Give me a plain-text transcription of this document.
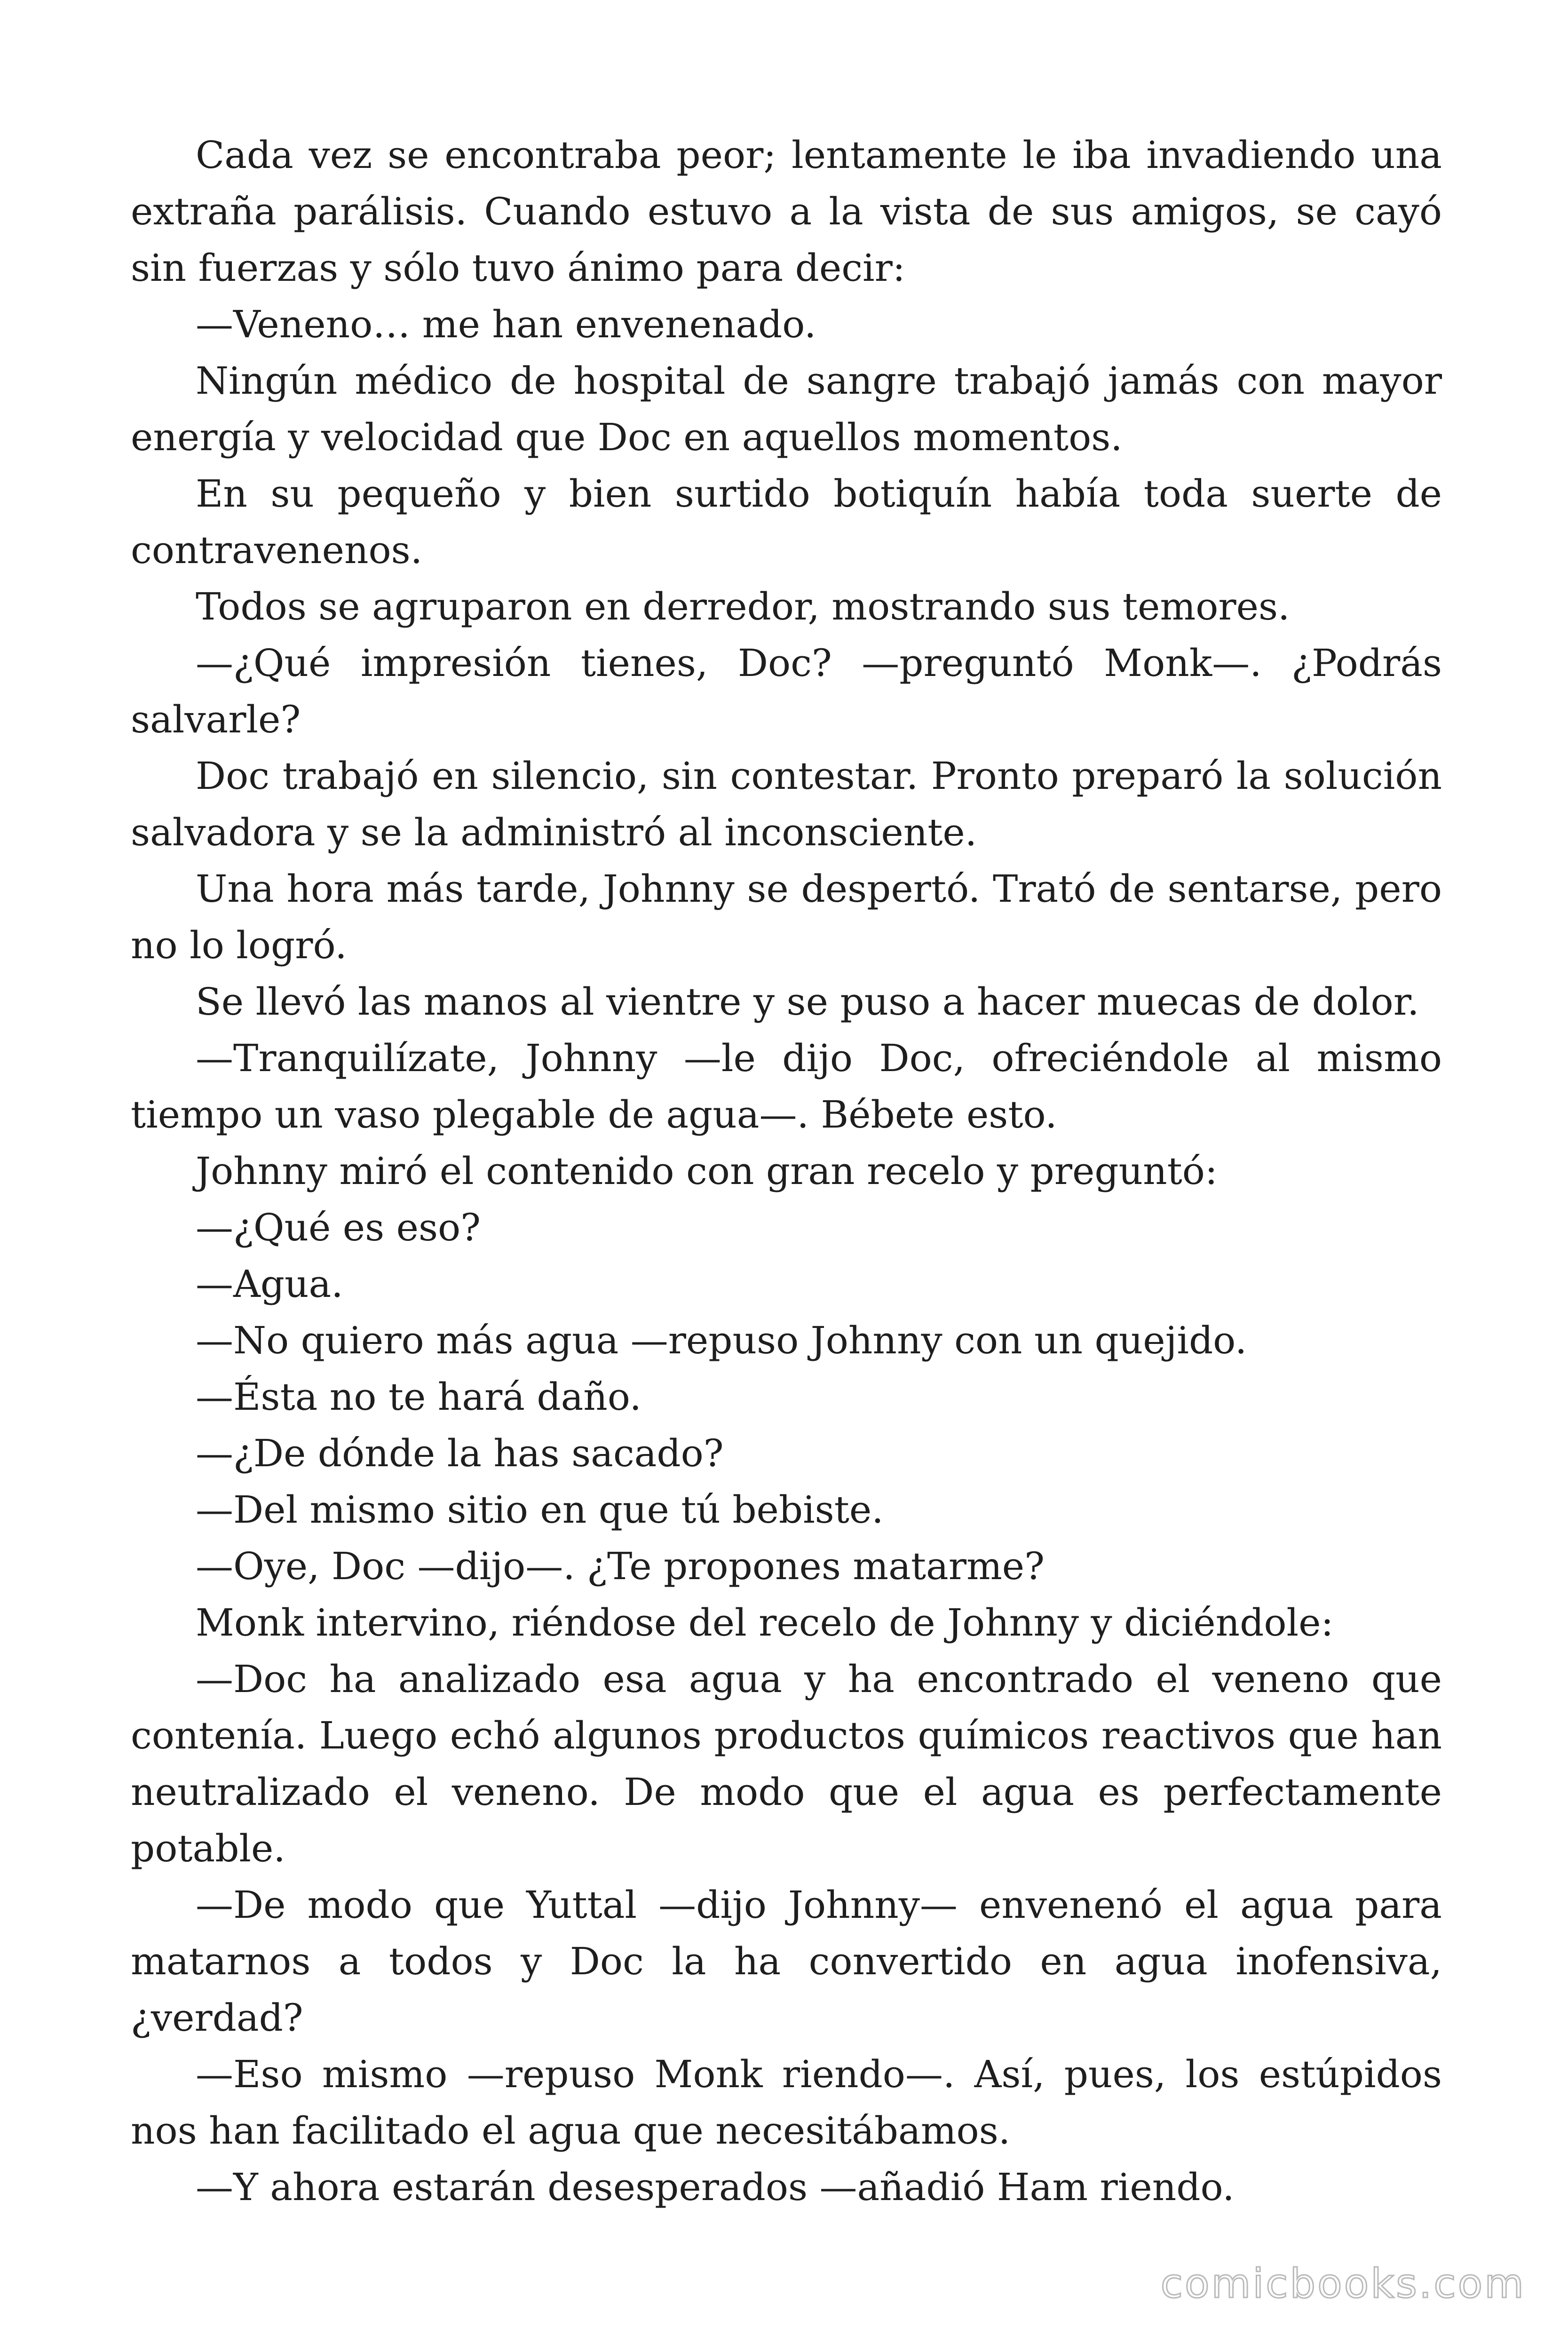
Cada vez se encontraba peor; lentamente le iba invadiendo una extraña parálisis. Cuando estuvo a la vista de sus amigos, se cayó sin fuerzas y sólo tuvo ánimo para decir:

—Veneno… me han envenenado.

Ningún médico de hospital de sangre trabajó jamás con mayor energía y velocidad que Doc en aquellos momentos.

En su pequeño y bien surtido botiquín había toda suerte de contravenenos.

Todos se agruparon en derredor, mostrando sus temores.

—¿Qué impresión tienes, Doc? —preguntó Monk—. ¿Podrás salvarle?

Doc trabajó en silencio, sin contestar. Pronto preparó la solución salvadora y se la administró al inconsciente.

Una hora más tarde, Johnny se despertó. Trató de sentarse, pero no lo logró.

Se llevó las manos al vientre y se puso a hacer muecas de dolor.

—Tranquilízate, Johnny —le dijo Doc, ofreciéndole al mismo tiempo un vaso plegable de agua—. Bébete esto.

Johnny miró el contenido con gran recelo y preguntó:

—¿Qué es eso?

—Agua.

—No quiero más agua —repuso Johnny con un quejido.

—Ésta no te hará daño.

—¿De dónde la has sacado?

—Del mismo sitio en que tú bebiste.

—Oye, Doc —dijo—. ¿Te propones matarme?

Monk intervino, riéndose del recelo de Johnny y diciéndole:

—Doc ha analizado esa agua y ha encontrado el veneno que contenía. Luego echó algunos productos químicos reactivos que han neutralizado el veneno. De modo que el agua es perfectamente potable.

—De modo que Yuttal —dijo Johnny— envenenó el agua para matarnos a todos y Doc la ha convertido en agua inofensiva, ¿verdad?

—Eso mismo —repuso Monk riendo—. Así, pues, los estúpidos nos han facilitado el agua que necesitábamos.

—Y ahora estarán desesperados —añadió Ham riendo.

comicbooks.com
